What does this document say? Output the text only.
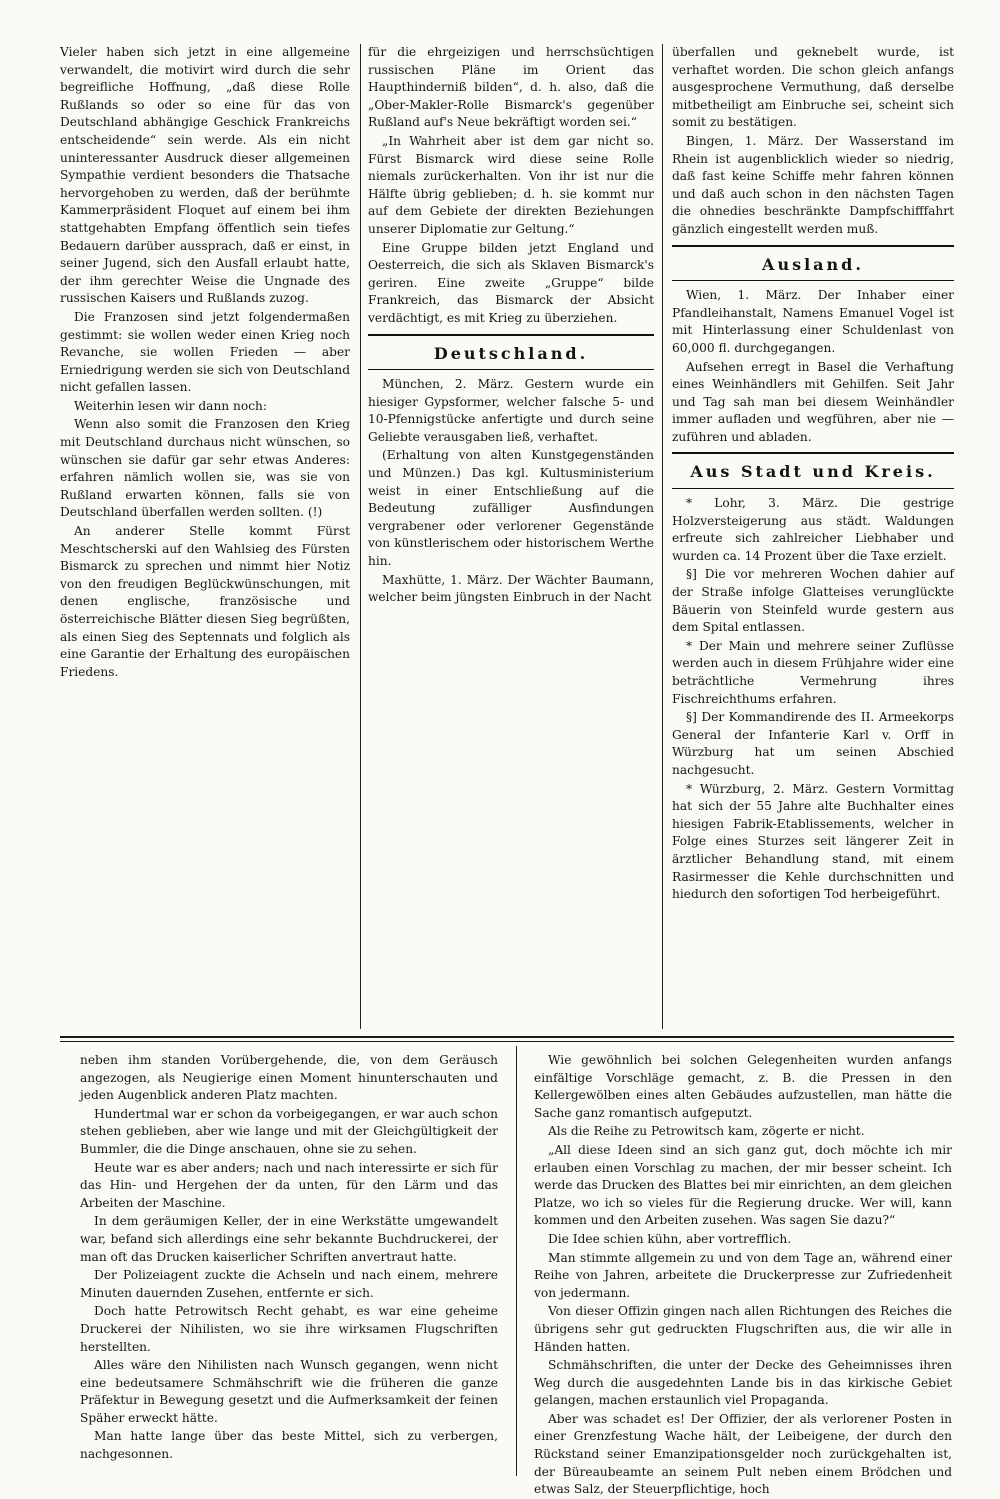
Vieler haben sich jetzt in eine allgemeine verwandelt, die motivirt wird durch die sehr begreifliche Hoffnung, „daß diese Rolle Rußlands so oder so eine für das von Deutschland abhängige Geschick Frankreichs entscheidende“ sein werde. Als ein nicht uninteressanter Ausdruck dieser allgemeinen Sympathie verdient besonders die Thatsache hervorgehoben zu werden, daß der berühmte Kammerpräsident Floquet auf einem bei ihm stattgehabten Empfang öffentlich sein tiefes Bedauern darüber aussprach, daß er einst, in seiner Jugend, sich den Ausfall erlaubt hatte, der ihm gerechter Weise die Ungnade des russischen Kaisers und Rußlands zuzog.

Die Franzosen sind jetzt folgendermaßen gestimmt: sie wollen weder einen Krieg noch Revanche, sie wollen Frieden — aber Erniedrigung werden sie sich von Deutschland nicht gefallen lassen.

Weiterhin lesen wir dann noch:

Wenn also somit die Franzosen den Krieg mit Deutschland durchaus nicht wünschen, so wünschen sie dafür gar sehr etwas Anderes: erfahren nämlich wollen sie, was sie von Rußland erwarten können, falls sie von Deutschland überfallen werden sollten. (!)

An anderer Stelle kommt Fürst Meschtscherski auf den Wahlsieg des Fürsten Bismarck zu sprechen und nimmt hier Notiz von den freudigen Beglückwünschungen, mit denen englische, französische und österreichische Blätter diesen Sieg begrüßten, als einen Sieg des Septennats und folglich als eine Garantie der Erhaltung des europäischen Friedens.

für die ehrgeizigen und herrschsüchtigen russischen Pläne im Orient das Haupthinderniß bilden“, d. h. also, daß die „Ober-Makler-Rolle Bismarck's gegenüber Rußland auf's Neue bekräftigt worden sei.“

„In Wahrheit aber ist dem gar nicht so. Fürst Bismarck wird diese seine Rolle niemals zurückerhalten. Von ihr ist nur die Hälfte übrig geblieben; d. h. sie kommt nur auf dem Gebiete der direkten Beziehungen unserer Diplomatie zur Geltung.“

Eine Gruppe bilden jetzt England und Oesterreich, die sich als Sklaven Bismarck's geriren. Eine zweite „Gruppe“ bilde Frankreich, das Bismarck der Absicht verdächtigt, es mit Krieg zu überziehen.

Deutschland.

München, 2. März. Gestern wurde ein hiesiger Gypsformer, welcher falsche 5- und 10-Pfennigstücke anfertigte und durch seine Geliebte verausgaben ließ, verhaftet.

(Erhaltung von alten Kunstgegenständen und Münzen.) Das kgl. Kultusministerium weist in einer Entschließung auf die Bedeutung zufälliger Ausfindungen vergrabener oder verlorener Gegenstände von künstlerischem oder historischem Werthe hin.

Maxhütte, 1. März. Der Wächter Baumann, welcher beim jüngsten Einbruch in der Nacht

überfallen und geknebelt wurde, ist verhaftet worden. Die schon gleich anfangs ausgesprochene Vermuthung, daß derselbe mitbetheiligt am Einbruche sei, scheint sich somit zu bestätigen.

Bingen, 1. März. Der Wasserstand im Rhein ist augenblicklich wieder so niedrig, daß fast keine Schiffe mehr fahren können und daß auch schon in den nächsten Tagen die ohnedies beschränkte Dampfschifffahrt gänzlich eingestellt werden muß.

Ausland.

Wien, 1. März. Der Inhaber einer Pfandleihanstalt, Namens Emanuel Vogel ist mit Hinterlassung einer Schuldenlast von 60,000 fl. durchgegangen.

Aufsehen erregt in Basel die Verhaftung eines Weinhändlers mit Gehilfen. Seit Jahr und Tag sah man bei diesem Weinhändler immer aufladen und wegführen, aber nie — zuführen und abladen.

Aus Stadt und Kreis.

* Lohr, 3. März. Die gestrige Holzversteigerung aus städt. Waldungen erfreute sich zahlreicher Liebhaber und wurden ca. 14 Prozent über die Taxe erzielt.

§] Die vor mehreren Wochen dahier auf der Straße infolge Glatteises verunglückte Bäuerin von Steinfeld wurde gestern aus dem Spital entlassen.

* Der Main und mehrere seiner Zuflüsse werden auch in diesem Frühjahre wider eine beträchtliche Vermehrung ihres Fischreichthums erfahren.

§] Der Kommandirende des II. Armeekorps General der Infanterie Karl v. Orff in Würzburg hat um seinen Abschied nachgesucht.

* Würzburg, 2. März. Gestern Vormittag hat sich der 55 Jahre alte Buchhalter eines hiesigen Fabrik-Etablissements, welcher in Folge eines Sturzes seit längerer Zeit in ärztlicher Behandlung stand, mit einem Rasirmesser die Kehle durchschnitten und hiedurch den sofortigen Tod herbeigeführt.

neben ihm standen Vorübergehende, die, von dem Geräusch angezogen, als Neugierige einen Moment hinunterschauten und jeden Augenblick anderen Platz machten.

Hundertmal war er schon da vorbeigegangen, er war auch schon stehen geblieben, aber wie lange und mit der Gleichgültigkeit der Bummler, die die Dinge anschauen, ohne sie zu sehen.

Heute war es aber anders; nach und nach interessirte er sich für das Hin- und Hergehen der da unten, für den Lärm und das Arbeiten der Maschine.

In dem geräumigen Keller, der in eine Werkstätte umgewandelt war, befand sich allerdings eine sehr bekannte Buchdruckerei, der man oft das Drucken kaiserlicher Schriften anvertraut hatte.

Der Polizeiagent zuckte die Achseln und nach einem, mehrere Minuten dauernden Zusehen, entfernte er sich.

Doch hatte Petrowitsch Recht gehabt, es war eine geheime Druckerei der Nihilisten, wo sie ihre wirksamen Flugschriften herstellten.

Alles wäre den Nihilisten nach Wunsch gegangen, wenn nicht eine bedeutsamere Schmähschrift wie die früheren die ganze Präfektur in Bewegung gesetzt und die Aufmerksamkeit der feinen Späher erweckt hätte.

Man hatte lange über das beste Mittel, sich zu verbergen, nachgesonnen.

Wie gewöhnlich bei solchen Gelegenheiten wurden anfangs einfältige Vorschläge gemacht, z. B. die Pressen in den Kellergewölben eines alten Gebäudes aufzustellen, man hätte die Sache ganz romantisch aufgeputzt.

Als die Reihe zu Petrowitsch kam, zögerte er nicht.

„All diese Ideen sind an sich ganz gut, doch möchte ich mir erlauben einen Vorschlag zu machen, der mir besser scheint. Ich werde das Drucken des Blattes bei mir einrichten, an dem gleichen Platze, wo ich so vieles für die Regierung drucke. Wer will, kann kommen und den Arbeiten zusehen. Was sagen Sie dazu?“

Die Idee schien kühn, aber vortrefflich.

Man stimmte allgemein zu und von dem Tage an, während einer Reihe von Jahren, arbeitete die Druckerpresse zur Zufriedenheit von jedermann.

Von dieser Offizin gingen nach allen Richtungen des Reiches die übrigens sehr gut gedruckten Flugschriften aus, die wir alle in Händen hatten.

Schmähschriften, die unter der Decke des Geheimnisses ihren Weg durch die ausgedehnten Lande bis in das kirkische Gebiet gelangen, machen erstaunlich viel Propaganda.

Aber was schadet es! Der Offizier, der als verlorener Posten in einer Grenzfestung Wache hält, der Leibeigene, der durch den Rückstand seiner Emanzipationsgelder noch zurückgehalten ist, der Büreaubeamte an seinem Pult neben einem Brödchen und etwas Salz, der Steuerpflichtige, hoch
